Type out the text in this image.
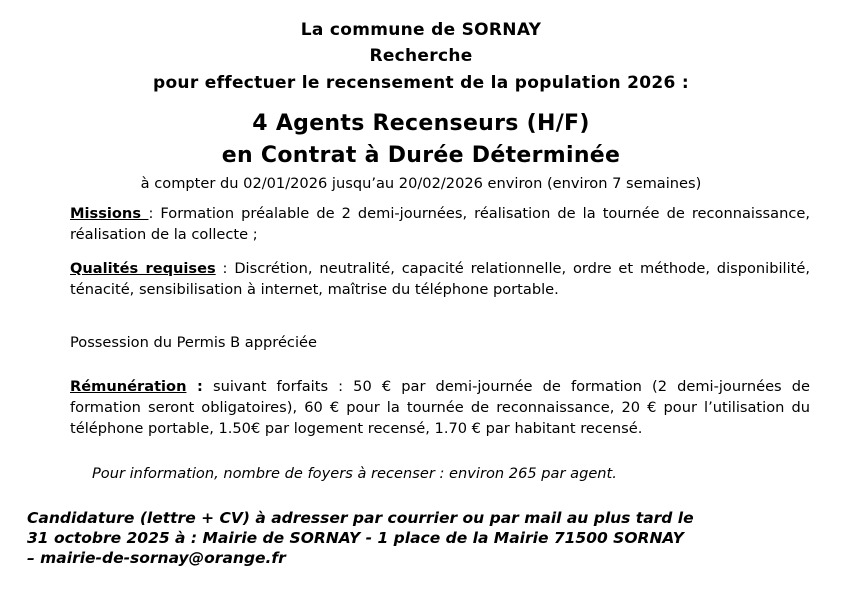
La commune de SORNAY
Recherche
pour effectuer le recensement de la population 2026 :
4 Agents Recenseurs (H/F)
en Contrat à Durée Déterminée
à compter du 02/01/2026 jusqu’au 20/02/2026 environ (environ 7 semaines)
Missions : Formation préalable de 2 demi-journées, réalisation de la tournée de reconnaissance, réalisation de la collecte ;
Qualités requises : Discrétion, neutralité, capacité relationnelle, ordre et méthode, disponibilité, ténacité, sensibilisation à internet, maîtrise du téléphone portable.
Possession du Permis B appréciée
Rémunération : suivant forfaits : 50 € par demi-journée de formation (2 demi-journées de formation seront obligatoires), 60 € pour la tournée de reconnaissance, 20 € pour l’utilisation du téléphone portable, 1.50€ par logement recensé, 1.70 € par habitant recensé.
Pour information, nombre de foyers à recenser : environ 265 par agent.
Candidature (lettre + CV) à adresser par courrier ou par mail au plus tard le
31 octobre 2025 à : Mairie de SORNAY - 1 place de la Mairie 71500 SORNAY
– mairie-de-sornay@orange.fr
